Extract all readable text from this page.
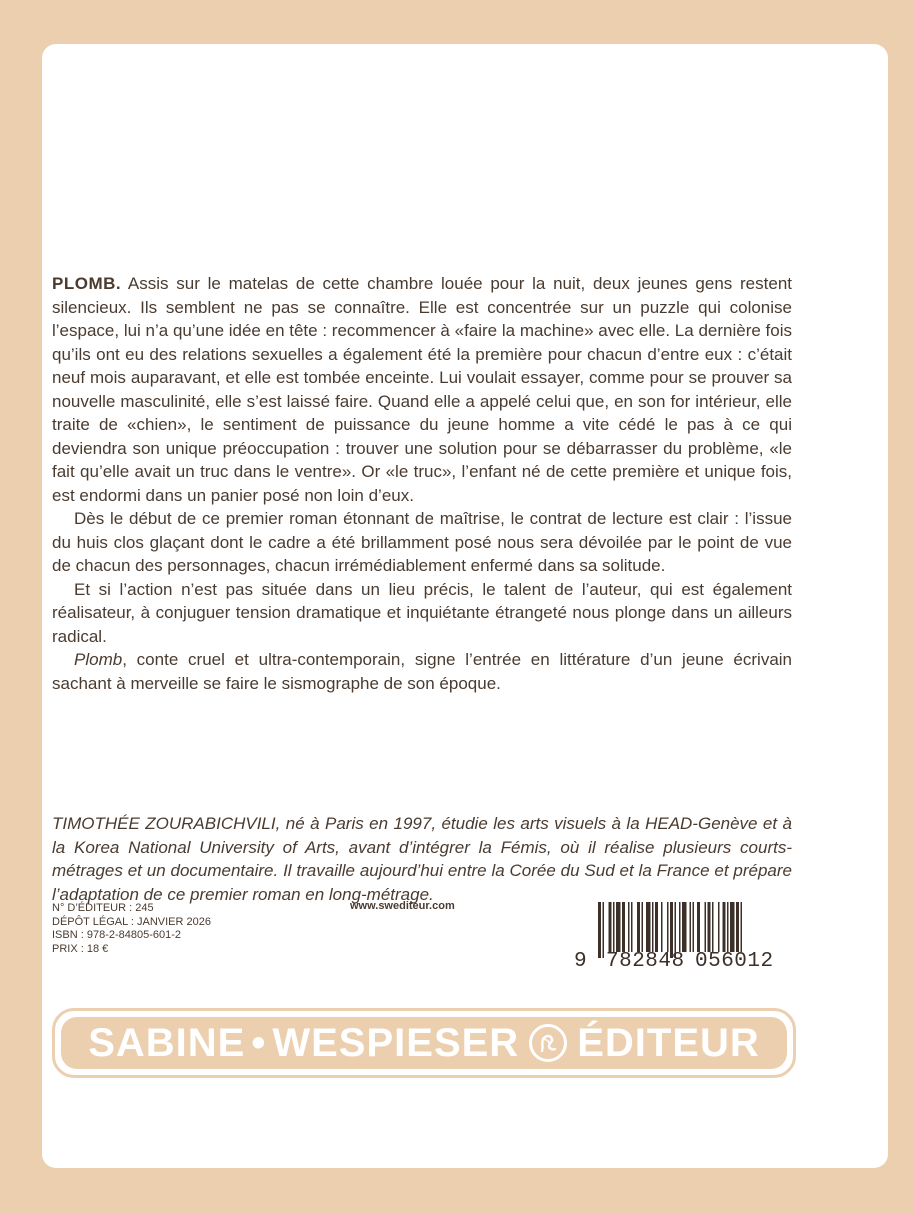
PLOMB. Assis sur le matelas de cette chambre louée pour la nuit, deux jeunes gens restent silencieux. Ils semblent ne pas se connaître. Elle est concentrée sur un puzzle qui colonise l’espace, lui n’a qu’une idée en tête : recommencer à «faire la machine» avec elle. La dernière fois qu’ils ont eu des relations sexuelles a également été la première pour chacun d’entre eux : c’était neuf mois auparavant, et elle est tombée enceinte. Lui voulait essayer, comme pour se prouver sa nouvelle masculinité, elle s’est laissé faire. Quand elle a appelé celui que, en son for intérieur, elle traite de «chien», le sentiment de puissance du jeune homme a vite cédé le pas à ce qui deviendra son unique préoccupation : trouver une solution pour se débarrasser du problème, «le fait qu’elle avait un truc dans le ventre». Or «le truc», l’enfant né de cette première et unique fois, est endormi dans un panier posé non loin d’eux.

Dès le début de ce premier roman étonnant de maîtrise, le contrat de lecture est clair : l’issue du huis clos glaçant dont le cadre a été brillamment posé nous sera dévoilée par le point de vue de chacun des personnages, chacun irrémédiablement enfermé dans sa solitude.

Et si l’action n’est pas située dans un lieu précis, le talent de l’auteur, qui est également réalisateur, à conjuguer tension dramatique et inquiétante étrangeté nous plonge dans un ailleurs radical.

Plomb, conte cruel et ultra-contemporain, signe l’entrée en littérature d’un jeune écrivain sachant à merveille se faire le sismographe de son époque.

TIMOTHÉE ZOURABICHVILI, né à Paris en 1997, étudie les arts visuels à la HEAD-Genève et à la Korea National University of Arts, avant d’intégrer la Fémis, où il réalise plusieurs courts-métrages et un documentaire. Il travaille aujourd’hui entre la Corée du Sud et la France et prépare l’adaptation de ce premier roman en long-métrage.
N° D’ÉDITEUR : 245
DÉPÔT LÉGAL : JANVIER 2026
ISBN : 978-2-84805-601-2
PRIX : 18 €
www.swediteur.com
9 782848 056012
SABINE • WESPIESER ÉDITEUR
